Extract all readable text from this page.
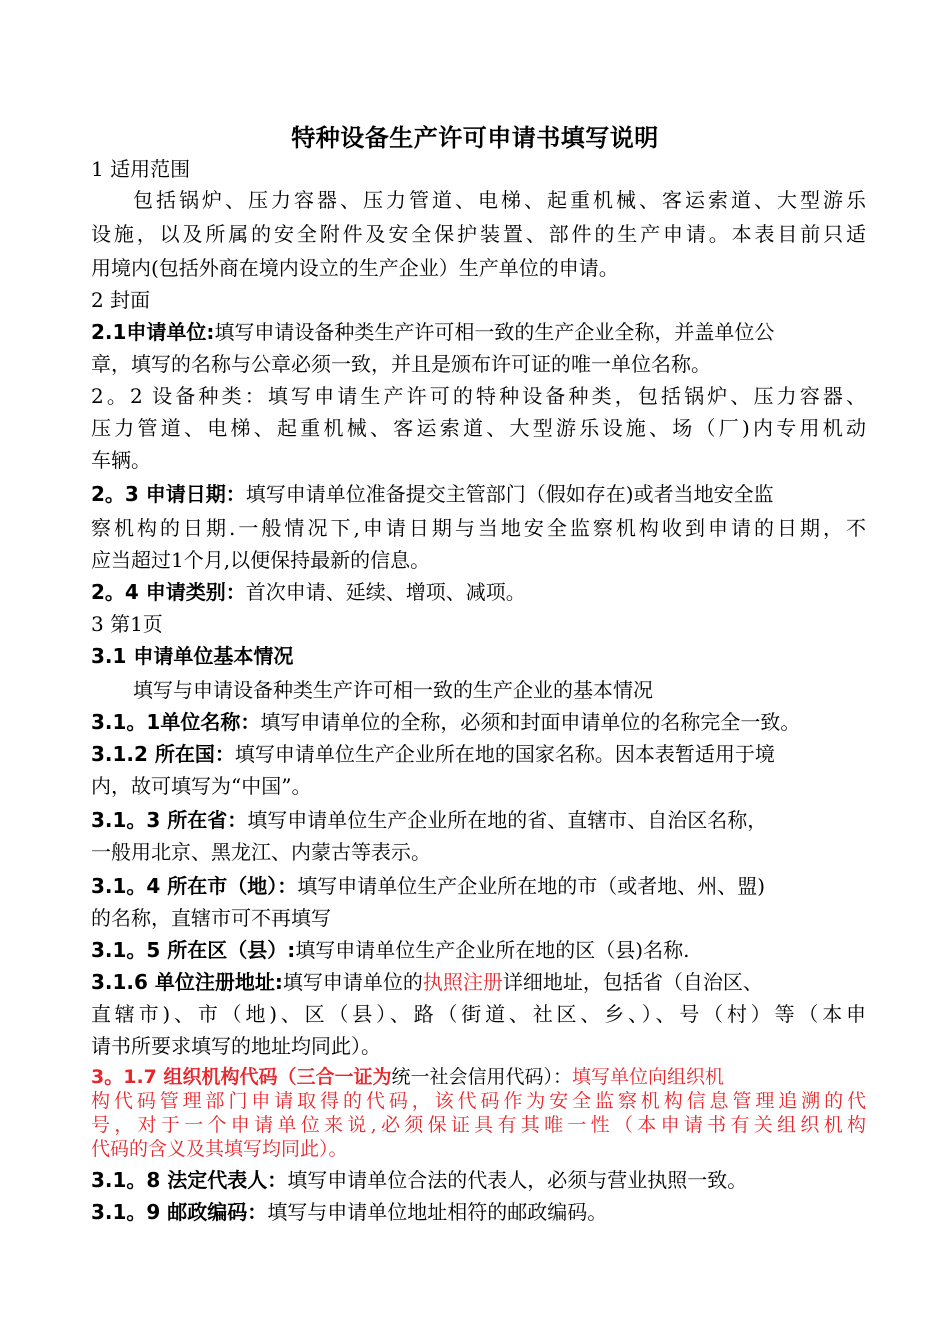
特种设备生产许可申请书填写说明
1 适用范围
包括锅炉、压力容器、压力管道、电梯、起重机械、客运索道、大型游乐
设施，以及所属的安全附件及安全保护装置、部件的生产申请。本表目前只适
用境内(包括外商在境内设立的生产企业）生产单位的申请。
2 封面
2.1申请单位:填写申请设备种类生产许可相一致的生产企业全称，并盖单位公
章，填写的名称与公章必须一致，并且是颁布许可证的唯一单位名称。
2。2 设备种类：填写申请生产许可的特种设备种类，包括锅炉、压力容器、
压力管道、电梯、起重机械、客运索道、大型游乐设施、场（厂)内专用机动
车辆。
2。3 申请日期：填写申请单位准备提交主管部门（假如存在)或者当地安全监
察机构的日期.一般情况下,申请日期与当地安全监察机构收到申请的日期，不
应当超过1个月,以便保持最新的信息。
2。4 申请类别：首次申请、延续、增项、减项。
3 第1页
3.1 申请单位基本情况
填写与申请设备种类生产许可相一致的生产企业的基本情况
3.1。1单位名称：填写申请单位的全称，必须和封面申请单位的名称完全一致。
3.1.2 所在国：填写申请单位生产企业所在地的国家名称。因本表暂适用于境
内，故可填写为“中国”。
3.1。3 所在省：填写申请单位生产企业所在地的省、直辖市、自治区名称，
一般用北京、黑龙江、内蒙古等表示。
3.1。4 所在市（地）：填写申请单位生产企业所在地的市（或者地、州、盟)
的名称，直辖市可不再填写
3.1。5 所在区（县）:填写申请单位生产企业所在地的区（县)名称.
3.1.6 单位注册地址:填写申请单位的执照注册详细地址，包括省（自治区、
直辖市)、市（地)、区（县）、路（街道、社区、乡、）、号（村）等（本申
请书所要求填写的地址均同此）。
3。1.7 组织机构代码（三合一证为统一社会信用代码）：填写单位向组织机
构代码管理部门申请取得的代码，该代码作为安全监察机构信息管理追溯的代
号，对于一个申请单位来说,必须保证具有其唯一性（本申请书有关组织机构
代码的含义及其填写均同此）。
3.1。8 法定代表人：填写申请单位合法的代表人，必须与营业执照一致。
3.1。9 邮政编码：填写与申请单位地址相符的邮政编码。
